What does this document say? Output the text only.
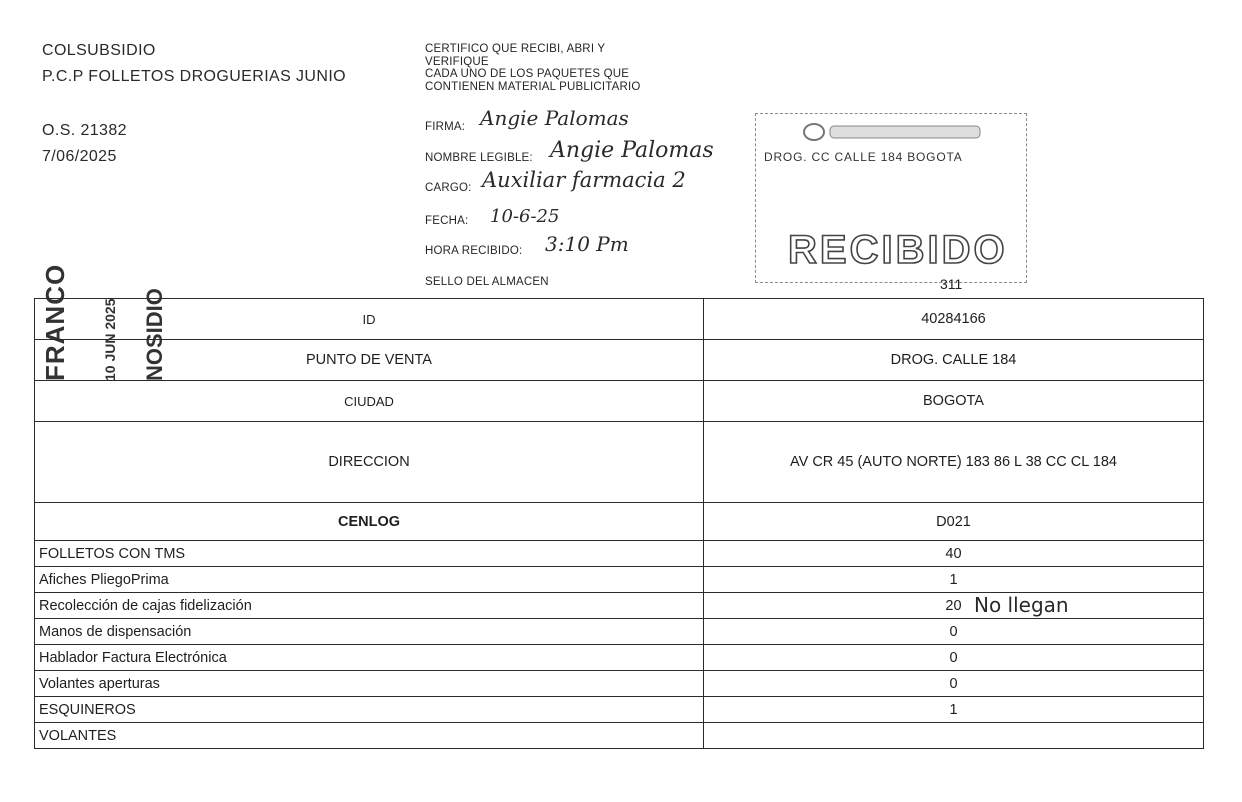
COLSUBSIDIO
P.C.P FOLLETOS DROGUERIAS JUNIO
O.S. 21382
7/06/2025
CERTIFICO QUE RECIBI, ABRI Y
VERIFIQUE
CADA UNO DE LOS PAQUETES QUE
CONTIENEN MATERIAL PUBLICITARIO
FIRMA: Angie Palomas
NOMBRE LEGIBLE: Angie Palomas
CARGO: Auxiliar farmacia 2
FECHA: 10-6-25
HORA RECIBIDO: 3:10 Pm
SELLO DEL ALMACEN
DROG. CC CALLE 184 BOGOTA
RECIBIDO
311
FRANCO 10 JUN 2025 NOSIDIO	ID	40284166
PUNTO DE VENTA	DROG. CALLE 184
CIUDAD	BOGOTA
DIRECCION	AV CR 45 (AUTO NORTE) 183 86 L 38 CC CL 184
CENLOG	D021
FOLLETOS CON TMS	40
Afiches PliegoPrima	1
Recolección de cajas fidelización	20 No llegan

Manos de dispensación	0
Hablador Factura Electrónica	0
Volantes aperturas	0
ESQUINEROS	1
VOLANTES	
